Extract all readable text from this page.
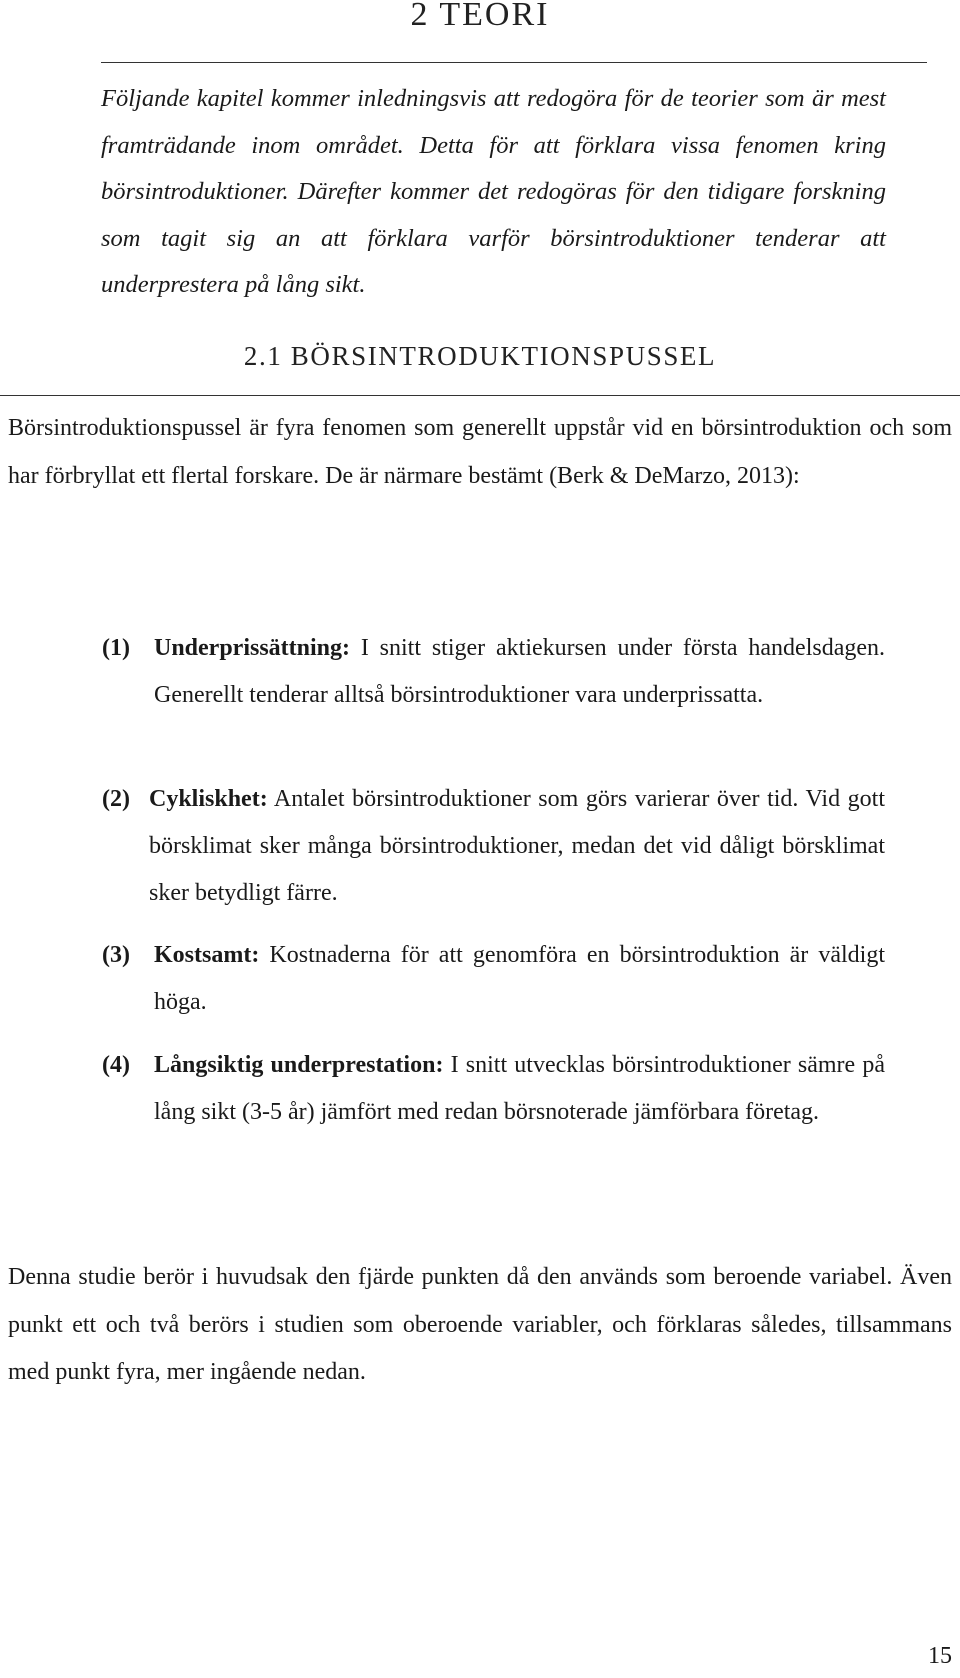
2 TEORI
Följande kapitel kommer inledningsvis att redogöra för de teorier som är mest framträdande inom området. Detta för att förklara vissa fenomen kring börsintroduktioner. Därefter kommer det redogöras för den tidigare forskning som tagit sig an att förklara varför börsintroduktioner tenderar att underprestera på lång sikt.
2.1 BÖRSINTRODUKTIONSPUSSEL
Börsintroduktionspussel är fyra fenomen som generellt uppstår vid en börsintroduktion och som har förbryllat ett flertal forskare. De är närmare bestämt (Berk & DeMarzo, 2013):
(1) Underprissättning: I snitt stiger aktiekursen under första handelsdagen. Generellt tenderar alltså börsintroduktioner vara underprissatta.
(2) Cykliskhet: Antalet börsintroduktioner som görs varierar över tid. Vid gott börsklimat sker många börsintroduktioner, medan det vid dåligt börsklimat sker betydligt färre.
(3) Kostsamt: Kostnaderna för att genomföra en börsintroduktion är väldigt höga.
(4) Långsiktig underprestation: I snitt utvecklas börsintroduktioner sämre på lång sikt (3-5 år) jämfört med redan börsnoterade jämförbara företag.
Denna studie berör i huvudsak den fjärde punkten då den används som beroende variabel. Även punkt ett och två berörs i studien som oberoende variabler, och förklaras således, tillsammans med punkt fyra, mer ingående nedan.
15
